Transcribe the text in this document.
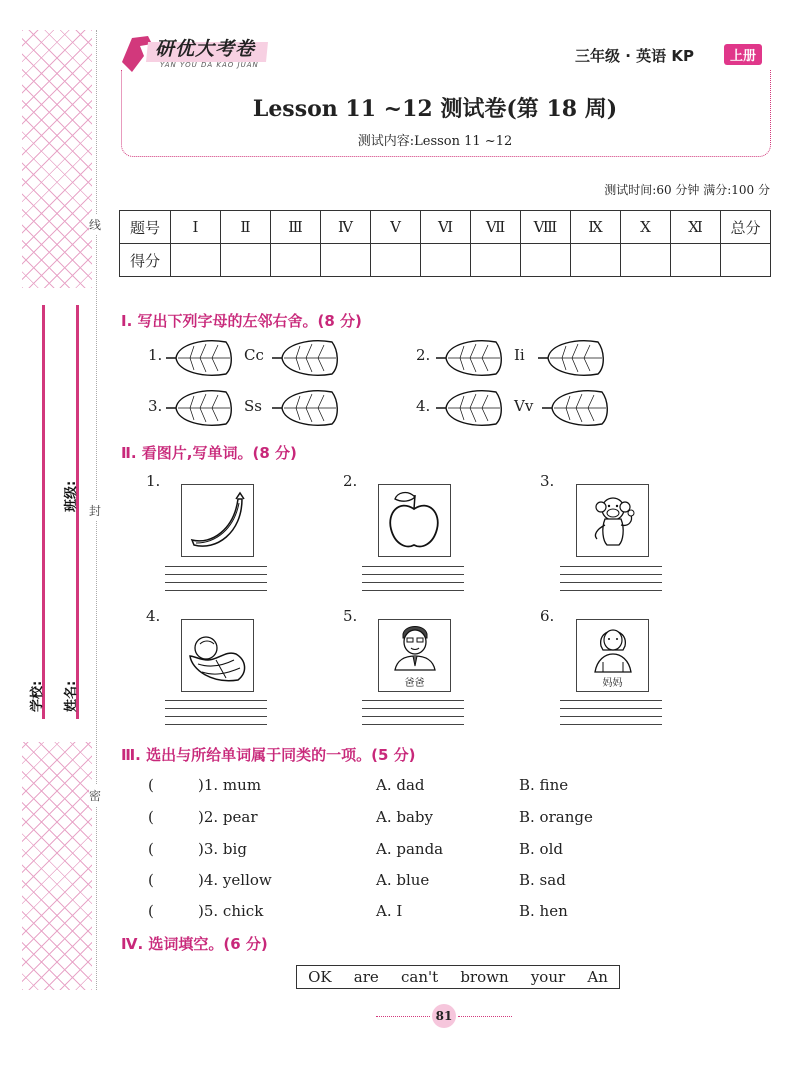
线
封
密
班级:
学校:	姓名:
研优大考卷
YAN YOU DA KAO JUAN	三年级 · 英语 KP	上册
Lesson 11 ~12 测试卷(第 18 周)
测试内容:Lesson 11 ~12
测试时间:60 分钟 满分:100 分
题号	Ⅰ	Ⅱ	Ⅲ	Ⅳ	Ⅴ	Ⅵ	Ⅶ	Ⅷ	Ⅸ	Ⅹ	Ⅺ	总分
得分												
Ⅰ. 写出下列字母的左邻右舍。(8 分)
1.	Cc	2.	Ii
3.	Ss	4.	Vv
Ⅱ. 看图片,写单词。(8 分)
1.	2.	3.
4.	5.
爸爸
6.
妈妈
Ⅲ. 选出与所给单词属于同类的一项。(5 分)
(	)1. mum	A. dad	B. fine
(	)2. pear	A. baby	B. orange
(	)3. big	A. panda	B. old
(	)4. yellow	A. blue	B. sad
(	)5. chick	A. I	B. hen
Ⅳ. 选词填空。(6 分)
OK are can't brown your An
81
